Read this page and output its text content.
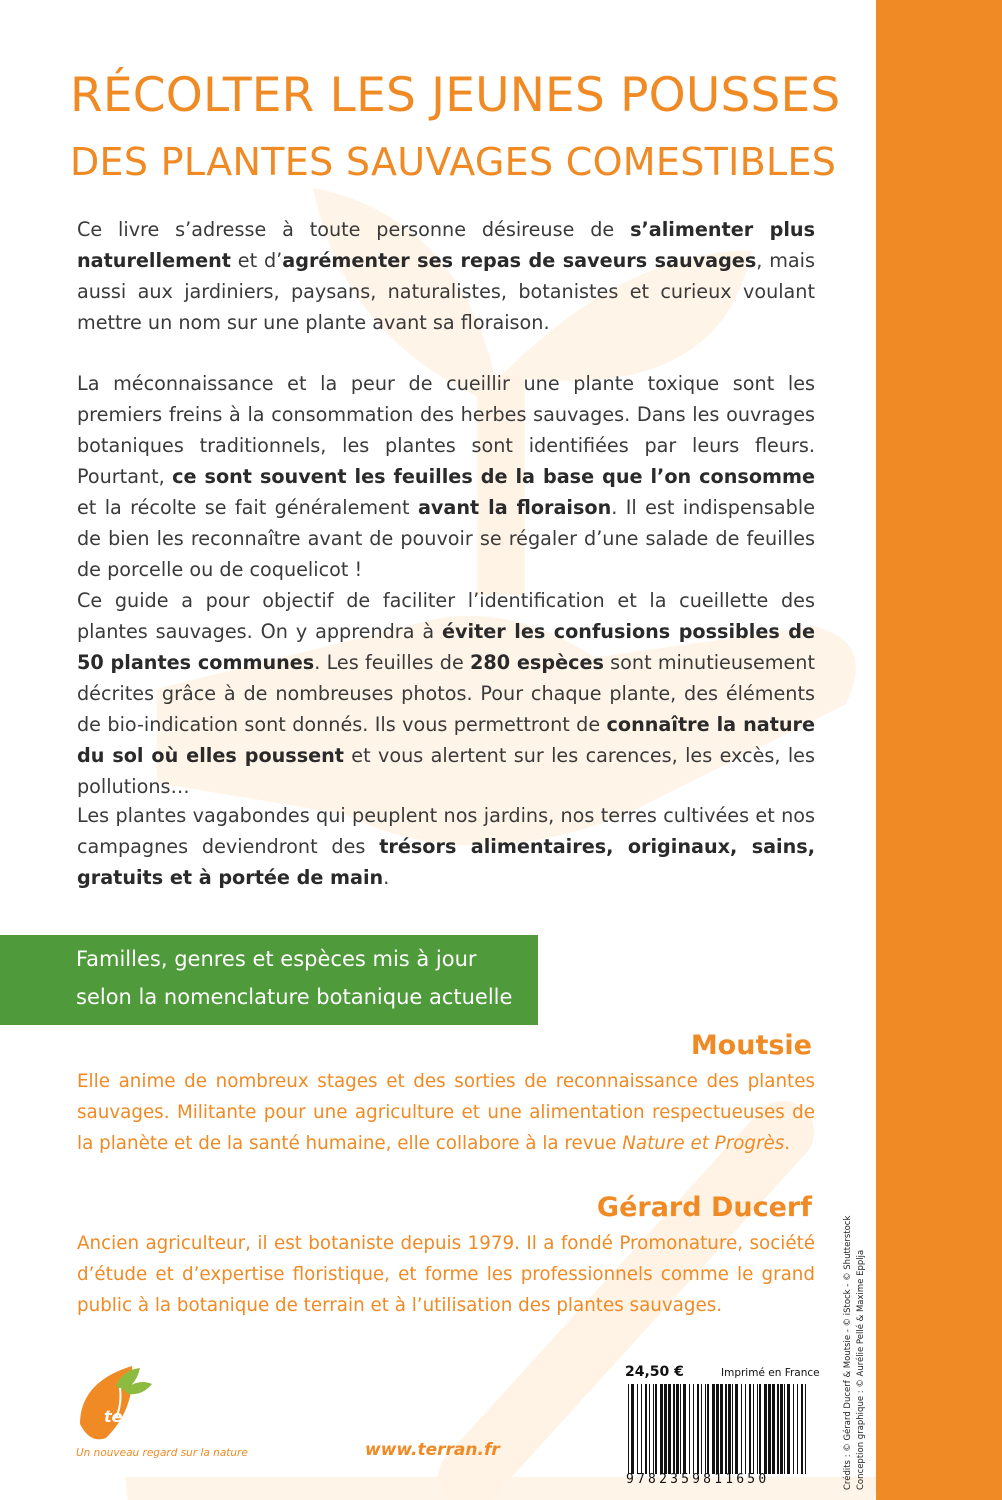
RÉCOLTER LES JEUNES POUSSES
DES PLANTES SAUVAGES COMESTIBLES
Ce livre s’adresse à toute personne désireuse de s’alimenter plus naturellement et d’agrémenter ses repas de saveurs sauvages, mais aussi aux jardiniers, paysans, naturalistes, botanistes et curieux voulant mettre un nom sur une plante avant sa floraison.
La méconnaissance et la peur de cueillir une plante toxique sont les premiers freins à la consommation des herbes sauvages. Dans les ouvrages botaniques traditionnels, les plantes sont identifiées par leurs fleurs. Pourtant, ce sont souvent les feuilles de la base que l’on consomme et la récolte se fait généralement avant la floraison. Il est indispensable de bien les reconnaître avant de pouvoir se régaler d’une salade de feuilles de porcelle ou de coquelicot !
Ce guide a pour objectif de faciliter l’identification et la cueillette des plantes sauvages. On y apprendra à éviter les confusions possibles de 50 plantes communes. Les feuilles de 280 espèces sont minutieusement décrites grâce à de nombreuses photos. Pour chaque plante, des éléments de bio-indication sont donnés. Ils vous permettront de connaître la nature du sol où elles poussent et vous alertent sur les carences, les excès, les pollutions…
Les plantes vagabondes qui peuplent nos jardins, nos terres cultivées et nos campagnes deviendront des trésors alimentaires, originaux, sains, gratuits et à portée de main.
Familles, genres et espèces mis à jour
selon la nomenclature botanique actuelle
Moutsie
Elle anime de nombreux stages et des sorties de reconnaissance des plantes sauvages. Militante pour une agriculture et une alimentation respectueuses de la planète et de la santé humaine, elle collabore à la revue Nature et Progrès.
Gérard Ducerf
Ancien agriculteur, il est botaniste depuis 1979. Il a fondé Promonature, société d’étude et d’expertise floristique, et forme les professionnels comme le grand public à la botanique de terrain et à l’utilisation des plantes sauvages.
terran
Un nouveau regard sur la nature	www.terran.fr
24,50 €	Imprimé en France
9782359811650	Crédits : © Gérard Ducerf & Moutsie - © iStock - © Shutterstock Conception graphique : © Aurélie Pellé & Maxime Epplja
